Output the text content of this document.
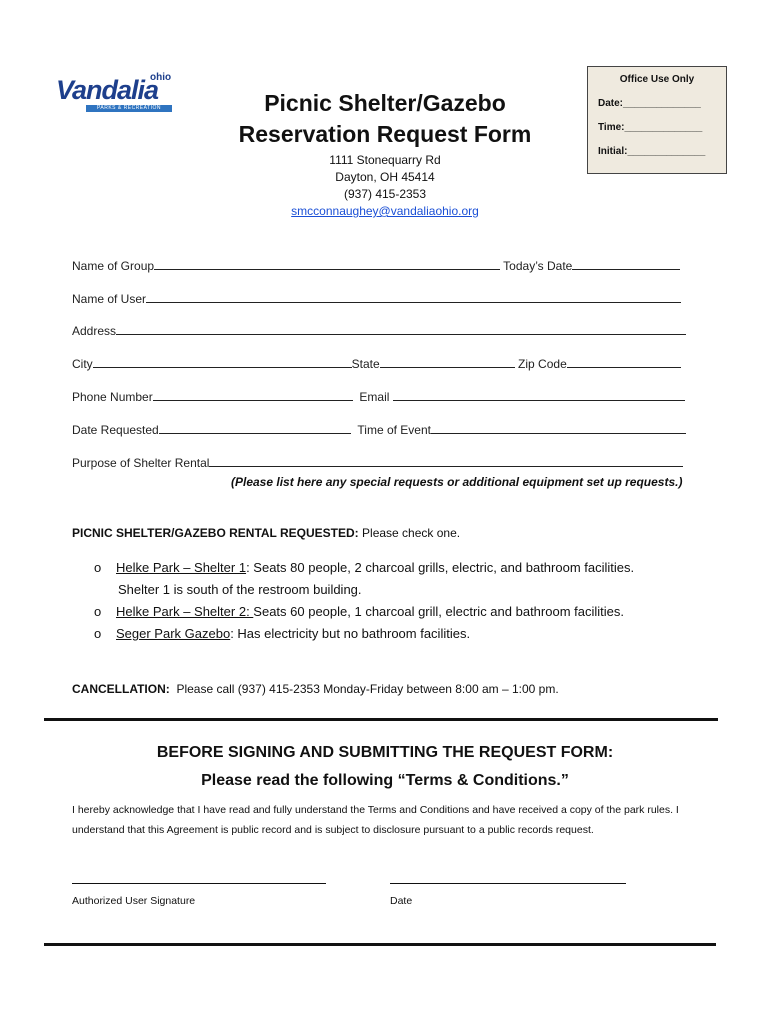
Vandalia
ohio
PARKS & RECREATION	Picnic Shelter/Gazebo
Reservation Request Form
1111 Stonequarry Rd
Dayton, OH 45414
(937) 415-2353
smcconnaughey@vandaliaohio.org
Office Use Only
Date:______________
Time:______________
Initial:______________
Name of Group	Today’s Date
Name of User
Address
City	State	Zip Code
Phone Number	Email
Date Requested	Time of Event
Purpose of Shelter Rental
(Please list here any special requests or additional equipment set up requests.)
PICNIC SHELTER/GAZEBO RENTAL REQUESTED: Please check one.
o Helke Park – Shelter 1: Seats 80 people, 2 charcoal grills, electric, and bathroom facilities.
Shelter 1 is south of the restroom building.
o Helke Park – Shelter 2: Seats 60 people, 1 charcoal grill, electric and bathroom facilities.
o Seger Park Gazebo: Has electricity but no bathroom facilities.
CANCELLATION: Please call (937) 415-2353 Monday-Friday between 8:00 am – 1:00 pm.
BEFORE SIGNING AND SUBMITTING THE REQUEST FORM:
Please read the following “Terms & Conditions.”
I hereby acknowledge that I have read and fully understand the Terms and Conditions and have received a copy of the park rules. I understand that this Agreement is public record and is subject to disclosure pursuant to a public records request.
Authorized User Signature	Date
